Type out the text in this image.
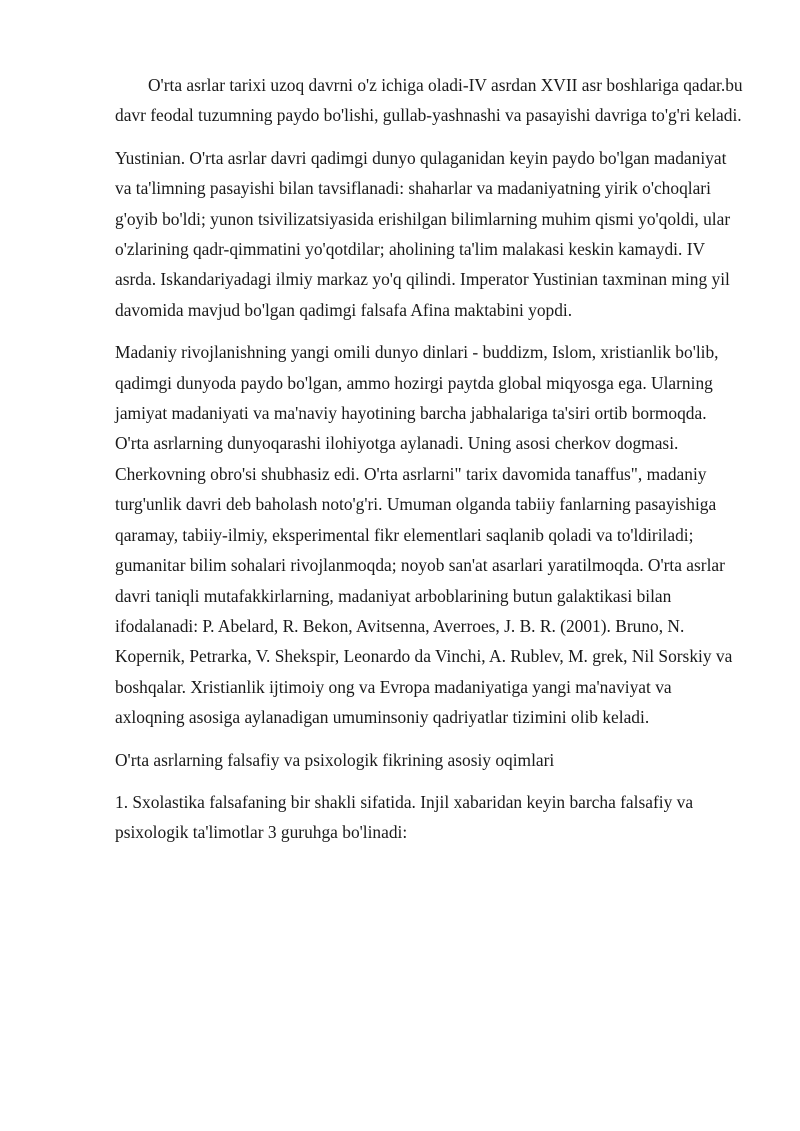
O'rta asrlar tarixi uzoq davrni o'z ichiga oladi-IV asrdan XVII asr boshlariga qadar.bu davr feodal tuzumning paydo bo'lishi, gullab-yashnashi va pasayishi davriga to'g'ri keladi.

Yustinian. O'rta asrlar davri qadimgi dunyo qulaganidan keyin paydo bo'lgan madaniyat va ta'limning pasayishi bilan tavsiflanadi: shaharlar va madaniyatning yirik o'choqlari g'oyib bo'ldi; yunon tsivilizatsiyasida erishilgan bilimlarning muhim qismi yo'qoldi, ular o'zlarining qadr-qimmatini yo'qotdilar; aholining ta'lim malakasi keskin kamaydi. IV asrda. Iskandariyadagi ilmiy markaz yo'q qilindi. Imperator Yustinian taxminan ming yil davomida mavjud bo'lgan qadimgi falsafa Afina maktabini yopdi.

Madaniy rivojlanishning yangi omili dunyo dinlari - buddizm, Islom, xristianlik bo'lib, qadimgi dunyoda paydo bo'lgan, ammo hozirgi paytda global miqyosga ega. Ularning jamiyat madaniyati va ma'naviy hayotining barcha jabhalariga ta'siri ortib bormoqda. O'rta asrlarning dunyoqarashi ilohiyotga aylanadi. Uning asosi cherkov dogmasi. Cherkovning obro'si shubhasiz edi. O'rta asrlarni" tarix davomida tanaffus", madaniy turg'unlik davri deb baholash noto'g'ri. Umuman olganda tabiiy fanlarning pasayishiga qaramay, tabiiy-ilmiy, eksperimental fikr elementlari saqlanib qoladi va to'ldiriladi; gumanitar bilim sohalari rivojlanmoqda; noyob san'at asarlari yaratilmoqda. O'rta asrlar davri taniqli mutafakkirlarning, madaniyat arboblarining butun galaktikasi bilan ifodalanadi: P. Abelard, R. Bekon, Avitsenna, Averroes, J. B. R. (2001). Bruno, N. Kopernik, Petrarka, V. Shekspir, Leonardo da Vinchi, A. Rublev, M. grek, Nil Sorskiy va boshqalar. Xristianlik ijtimoiy ong va Evropa madaniyatiga yangi ma'naviyat va axloqning asosiga aylanadigan umuminsoniy qadriyatlar tizimini olib keladi.

O'rta asrlarning falsafiy va psixologik fikrining asosiy oqimlari

1. Sxolastika falsafaning bir shakli sifatida. Injil xabaridan keyin barcha falsafiy va psixologik ta'limotlar 3 guruhga bo'linadi:
